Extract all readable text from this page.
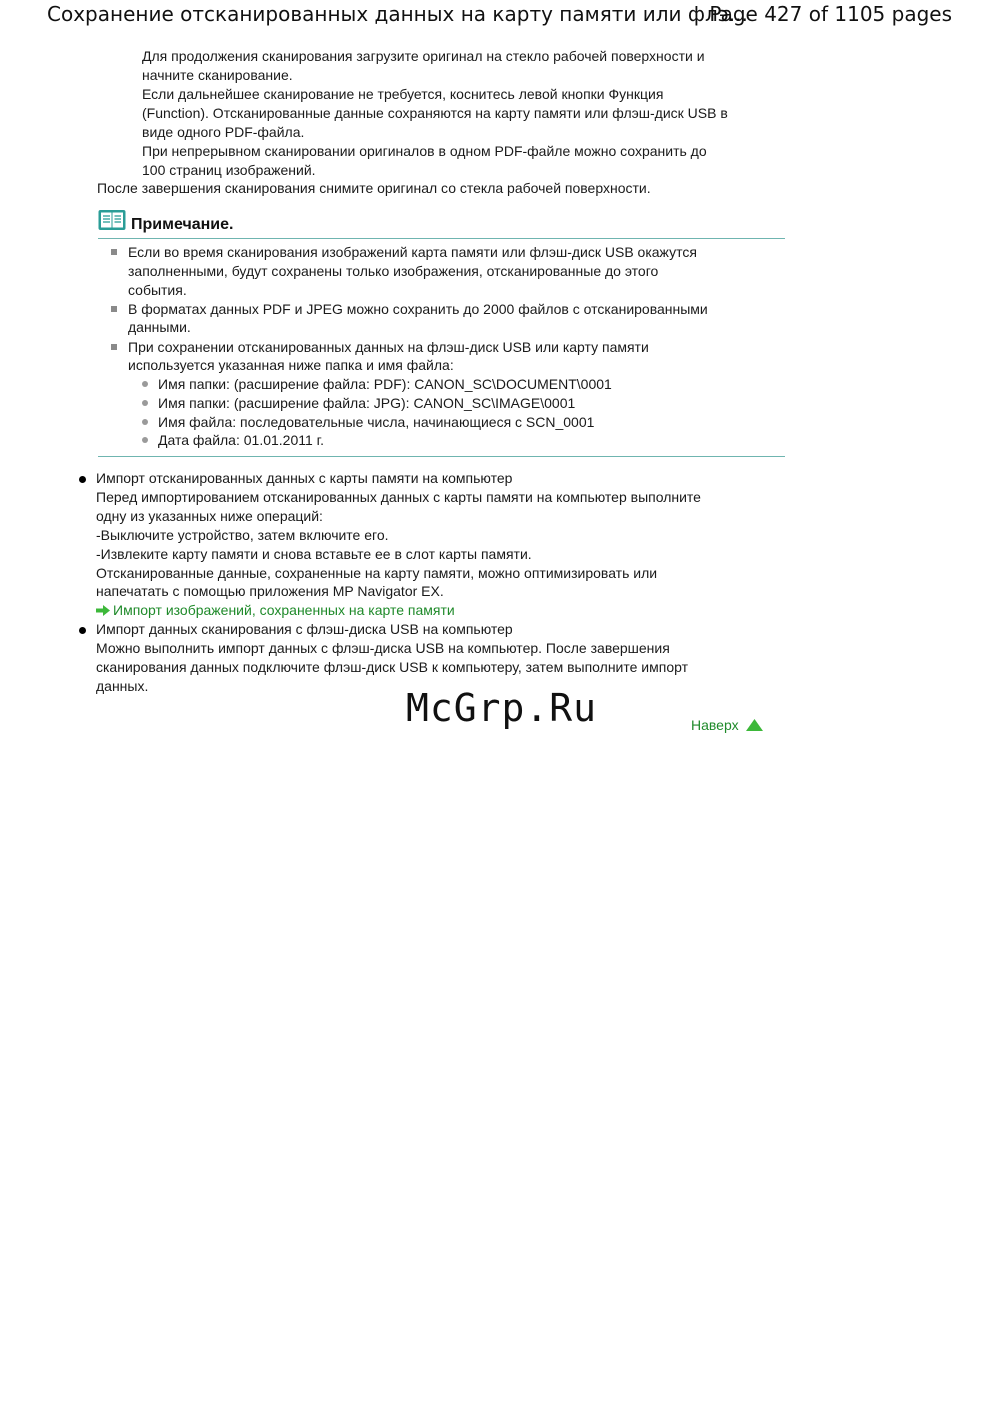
Сохранение отсканированных данных на карту памяти или флэ...
Page 427 of 1105 pages
Для продолжения сканирования загрузите оригинал на стекло рабочей поверхности и
начните сканирование.
Если дальнейшее сканирование не требуется, коснитесь левой кнопки Функция
(Function). Отсканированные данные сохраняются на карту памяти или флэш-диск USB в
виде одного PDF-файла.
При непрерывном сканировании оригиналов в одном PDF-файле можно сохранить до
100 страниц изображений.
После завершения сканирования снимите оригинал со стекла рабочей поверхности.
Примечание.
Если во время сканирования изображений карта памяти или флэш-диск USB окажутся
заполненными, будут сохранены только изображения, отсканированные до этого
события.
В форматах данных PDF и JPEG можно сохранить до 2000 файлов с отсканированными
данными.
При сохранении отсканированных данных на флэш-диск USB или карту памяти
используется указанная ниже папка и имя файла:
Имя папки: (расширение файла: PDF): CANON_SC\DOCUMENT\0001
Имя папки: (расширение файла: JPG): CANON_SC\IMAGE\0001
Имя файла: последовательные числа, начинающиеся с SCN_0001
Дата файла: 01.01.2011 г.
Импорт отсканированных данных с карты памяти на компьютер
Перед импортированием отсканированных данных с карты памяти на компьютер выполните
одну из указанных ниже операций:
-Выключите устройство, затем включите его.
-Извлеките карту памяти и снова вставьте ее в слот карты памяти.
Отсканированные данные, сохраненные на карту памяти, можно оптимизировать или
напечатать с помощью приложения MP Navigator EX.
Импорт изображений, сохраненных на карте памяти
Импорт данных сканирования с флэш-диска USB на компьютер
Можно выполнить импорт данных с флэш-диска USB на компьютер. После завершения
сканирования данных подключите флэш-диск USB к компьютеру, затем выполните импорт
данных.	McGrp.Ru	Наверх
